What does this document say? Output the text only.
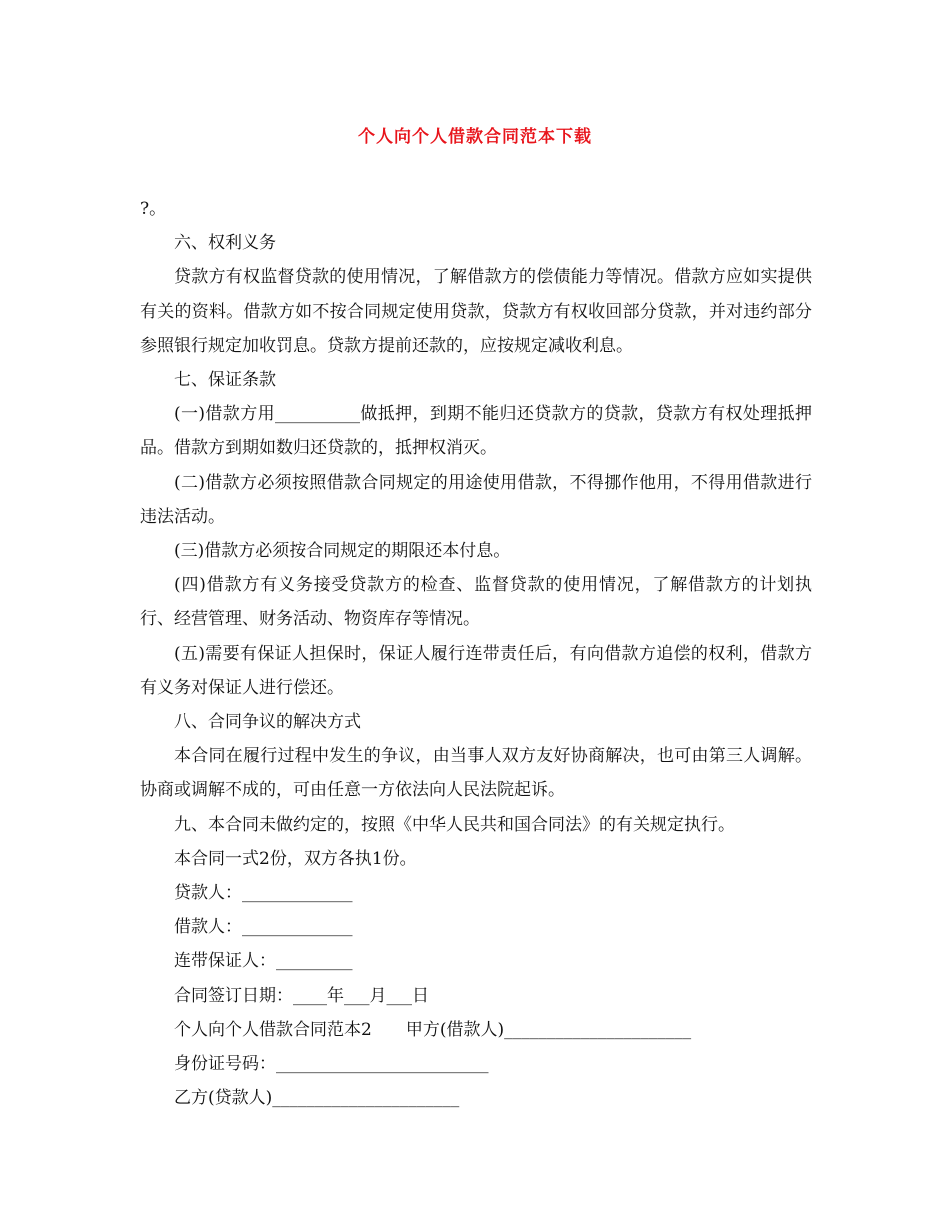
个人向个人借款合同范本下载

?。

六、权利义务

贷款方有权监督贷款的使用情况，了解借款方的偿债能力等情况。借款方应如实提供有关的资料。借款方如不按合同规定使用贷款，贷款方有权收回部分贷款，并对违约部分参照银行规定加收罚息。贷款方提前还款的，应按规定减收利息。

七、保证条款

(一)借款方用__________做抵押，到期不能归还贷款方的贷款，贷款方有权处理抵押品。借款方到期如数归还贷款的，抵押权消灭。

(二)借款方必须按照借款合同规定的用途使用借款，不得挪作他用，不得用借款进行违法活动。

(三)借款方必须按合同规定的期限还本付息。

(四)借款方有义务接受贷款方的检查、监督贷款的使用情况，了解借款方的计划执行、经营管理、财务活动、物资库存等情况。

(五)需要有保证人担保时，保证人履行连带责任后，有向借款方追偿的权利，借款方有义务对保证人进行偿还。

八、合同争议的解决方式

本合同在履行过程中发生的争议，由当事人双方友好协商解决，也可由第三人调解。协商或调解不成的，可由任意一方依法向人民法院起诉。

九、本合同未做约定的，按照《中华人民共和国合同法》的有关规定执行。

本合同一式2份，双方各执1份。

贷款人：_____________

借款人：_____________

连带保证人：_________

合同签订日期：____年___月___日

个人向个人借款合同范本2　　甲方(借款人)______________________

身份证号码：_________________________

乙方(贷款人)______________________
